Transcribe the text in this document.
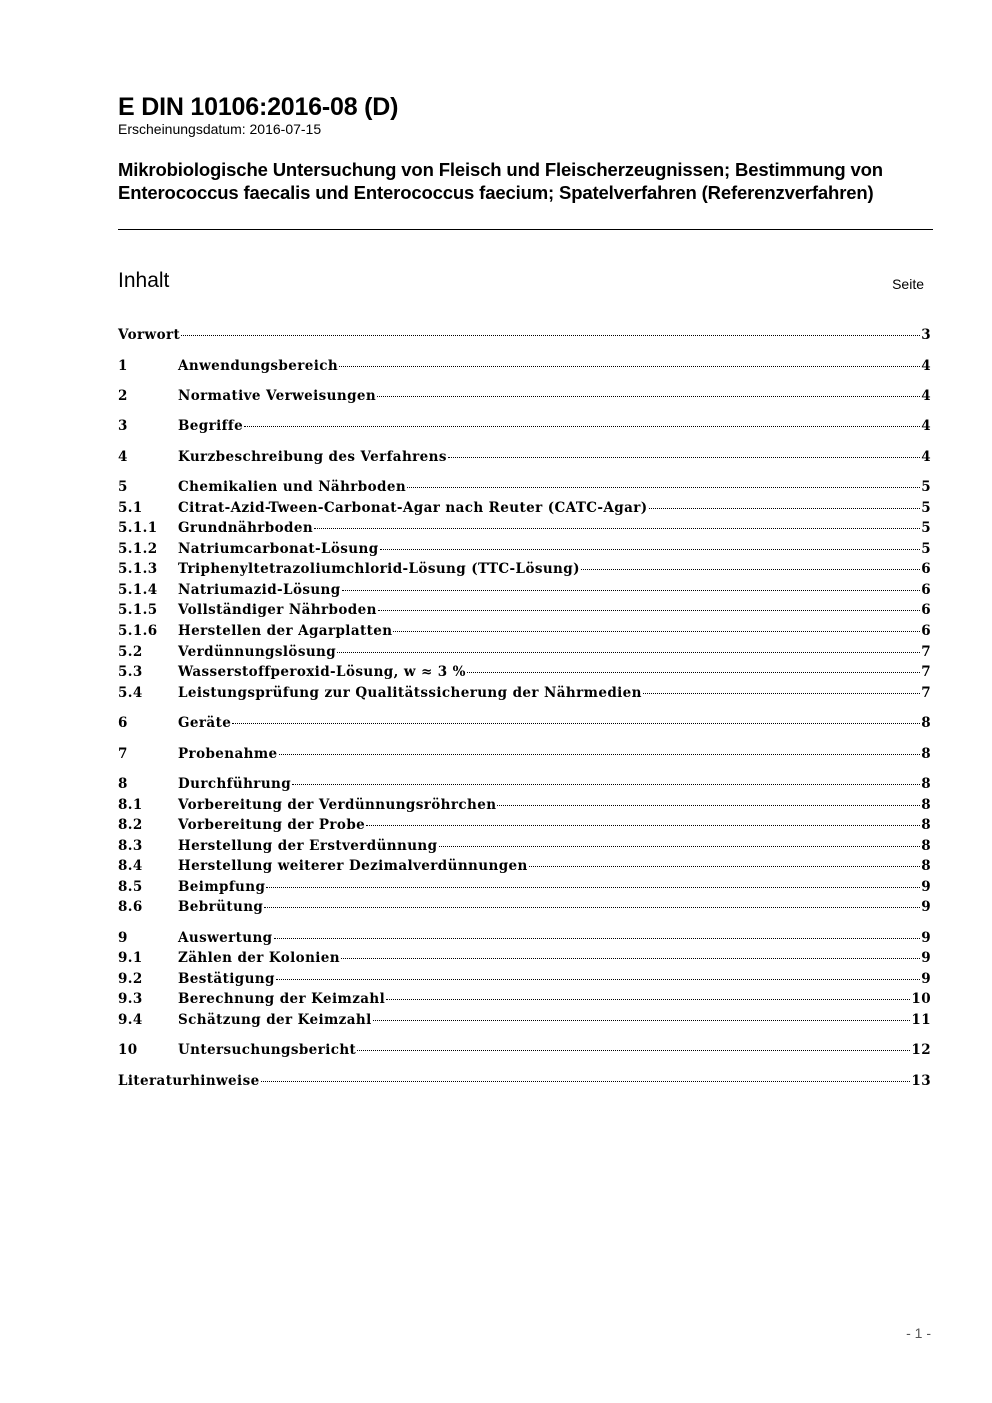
E DIN 10106:2016-08 (D)
Erscheinungsdatum: 2016-07-15
Mikrobiologische Untersuchung von Fleisch und Fleischerzeugnissen; Bestimmung von Enterococcus faecalis und Enterococcus faecium; Spatelverfahren (Referenzverfahren)
Inhalt	Seite
Vorwort	3
1	Anwendungsbereich	4
2	Normative Verweisungen	4
3	Begriffe	4
4	Kurzbeschreibung des Verfahrens	4
5	Chemikalien und Nährboden	5
5.1	Citrat-Azid-Tween-Carbonat-Agar nach Reuter (CATC-Agar)	5
5.1.1	Grundnährboden	5
5.1.2	Natriumcarbonat-Lösung	5
5.1.3	Triphenyltetrazoliumchlorid-Lösung (TTC-Lösung)	6
5.1.4	Natriumazid-Lösung	6
5.1.5	Vollständiger Nährboden	6
5.1.6	Herstellen der Agarplatten	6
5.2	Verdünnungslösung	7
5.3	Wasserstoffperoxid-Lösung, w ≈ 3 %	7
5.4	Leistungsprüfung zur Qualitätssicherung der Nährmedien	7
6	Geräte	8
7	Probenahme	8
8	Durchführung	8
8.1	Vorbereitung der Verdünnungsröhrchen	8
8.2	Vorbereitung der Probe	8
8.3	Herstellung der Erstverdünnung	8
8.4	Herstellung weiterer Dezimalverdünnungen	8
8.5	Beimpfung	9
8.6	Bebrütung	9
9	Auswertung	9
9.1	Zählen der Kolonien	9
9.2	Bestätigung	9
9.3	Berechnung der Keimzahl	10
9.4	Schätzung der Keimzahl	11
10	Untersuchungsbericht	12
Literaturhinweise	13
- 1 -
